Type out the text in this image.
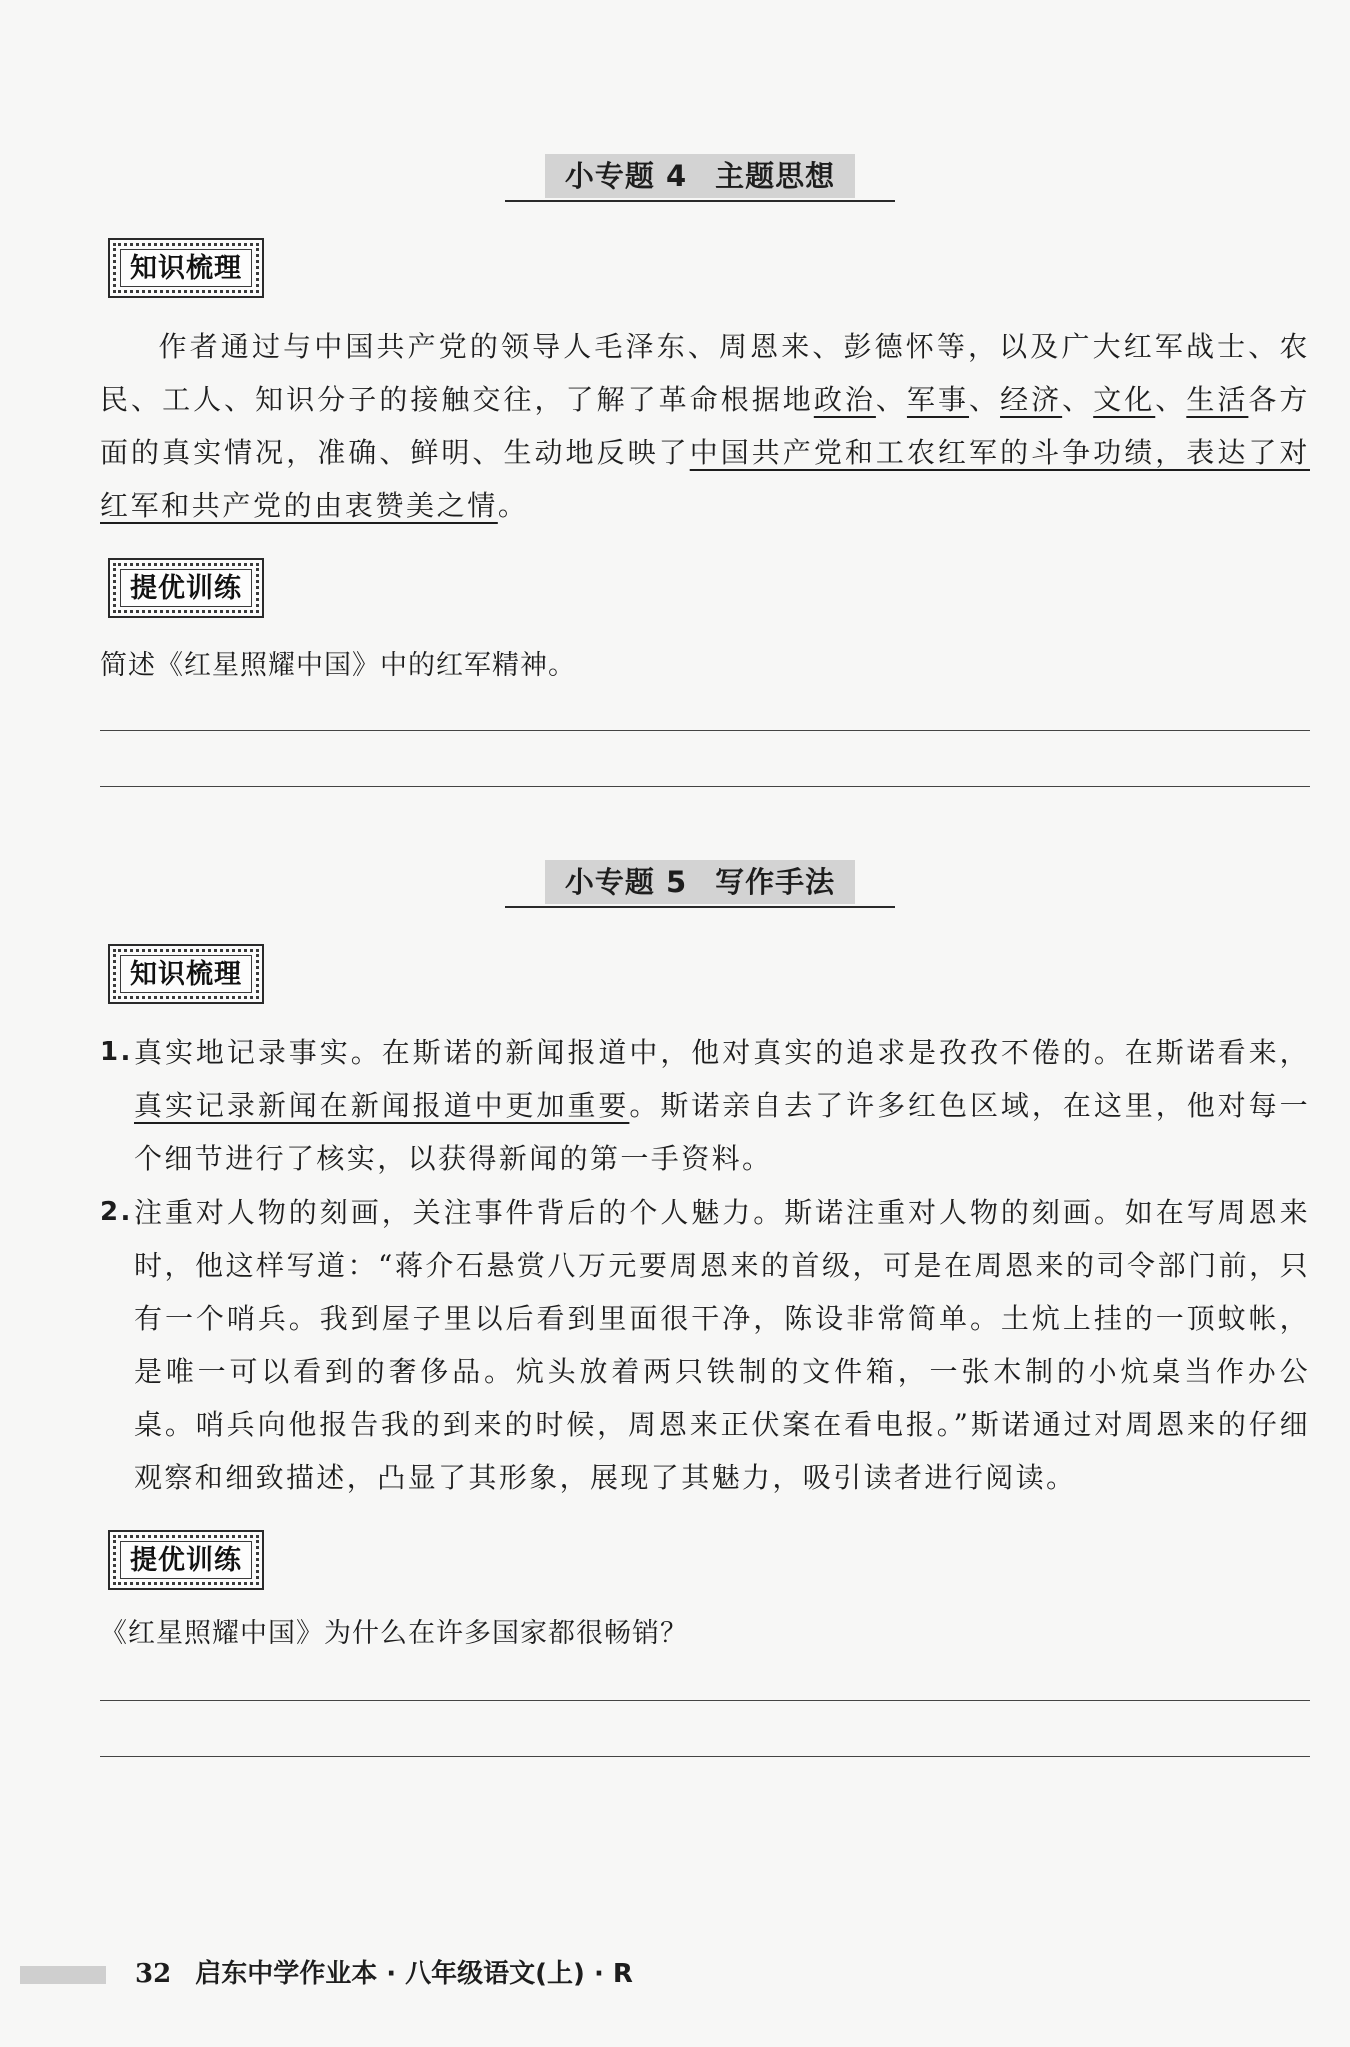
小专题 4 主题思想
知识梳理
作者通过与中国共产党的领导人毛泽东、周恩来、彭德怀等，以及广大红军战士、农民、工人、知识分子的接触交往，了解了革命根据地政治、军事、经济、文化、生活各方面的真实情况，准确、鲜明、生动地反映了中国共产党和工农红军的斗争功绩，表达了对红军和共产党的由衷赞美之情。
提优训练
简述《红星照耀中国》中的红军精神。
小专题 5 写作手法
知识梳理
1. 真实地记录事实。在斯诺的新闻报道中，他对真实的追求是孜孜不倦的。在斯诺看来，真实记录新闻在新闻报道中更加重要。斯诺亲自去了许多红色区域，在这里，他对每一个细节进行了核实，以获得新闻的第一手资料。
2. 注重对人物的刻画，关注事件背后的个人魅力。斯诺注重对人物的刻画。如在写周恩来时，他这样写道：“蒋介石悬赏八万元要周恩来的首级，可是在周恩来的司令部门前，只有一个哨兵。我到屋子里以后看到里面很干净，陈设非常简单。土炕上挂的一顶蚊帐，是唯一可以看到的奢侈品。炕头放着两只铁制的文件箱，一张木制的小炕桌当作办公桌。哨兵向他报告我的到来的时候，周恩来正伏案在看电报。”斯诺通过对周恩来的仔细观察和细致描述，凸显了其形象，展现了其魅力，吸引读者进行阅读。
提优训练
《红星照耀中国》为什么在许多国家都很畅销？
32 启东中学作业本 · 八年级语文(上) · R
